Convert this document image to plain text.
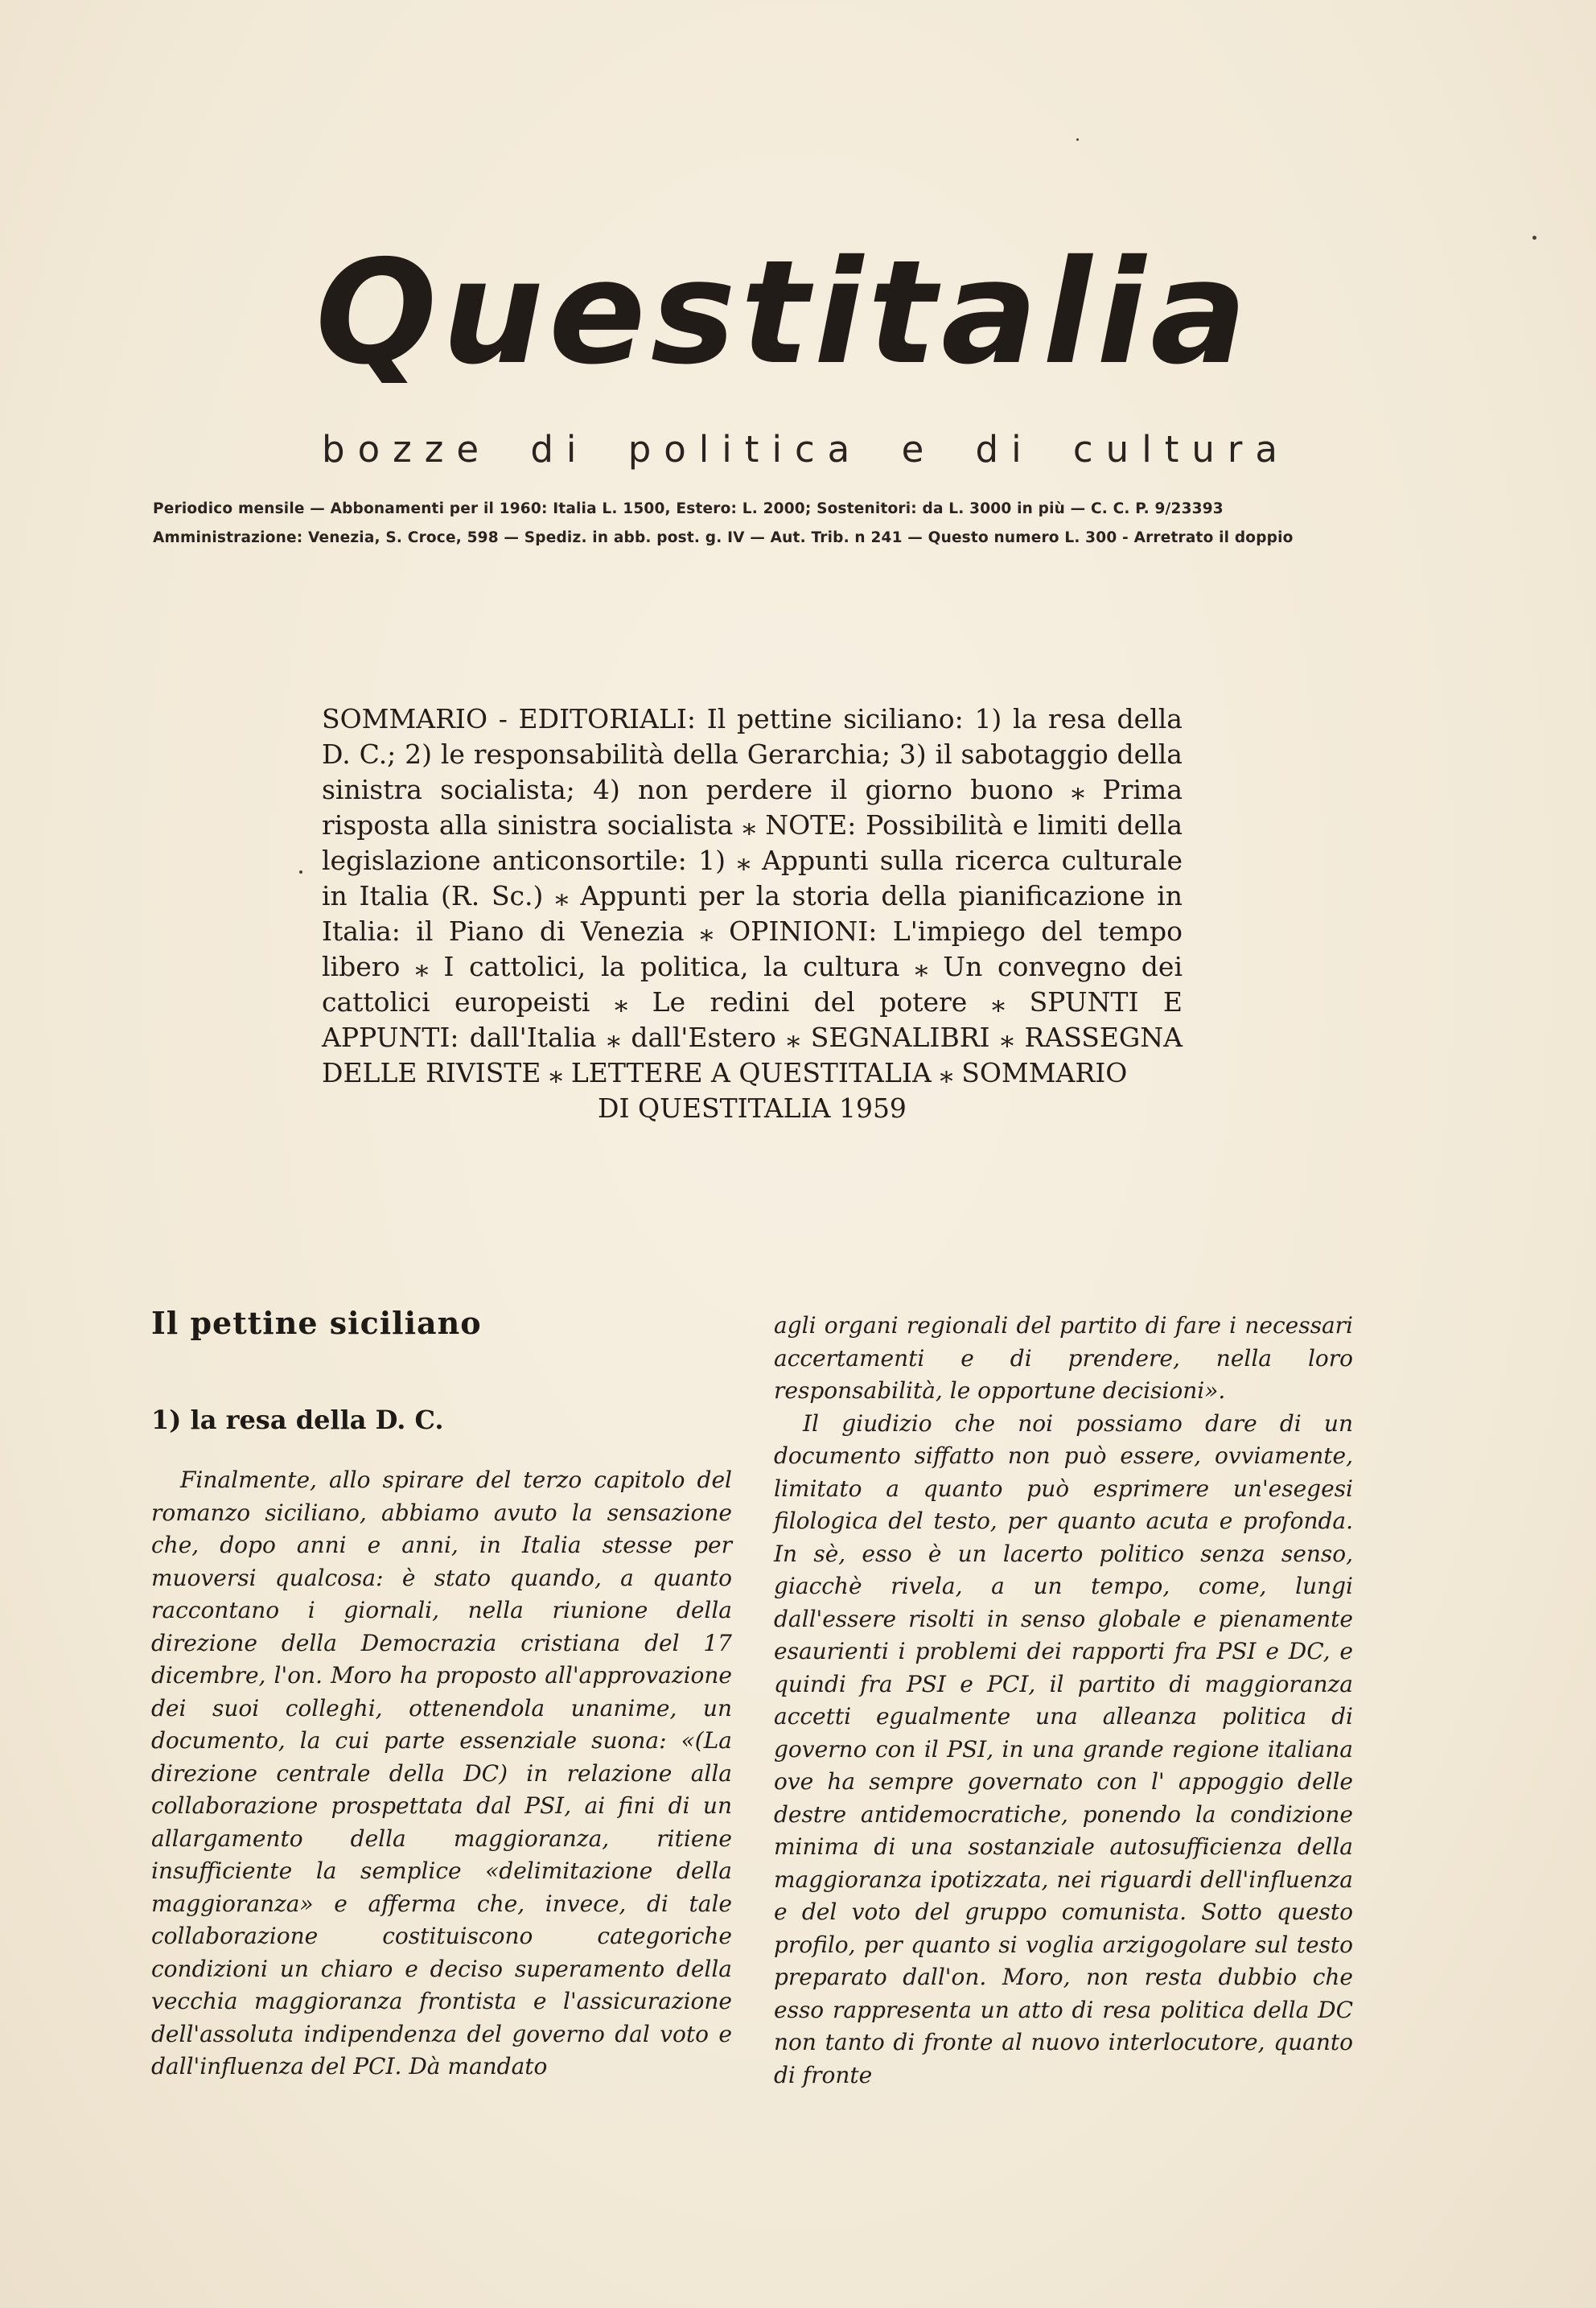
Questitalia
bozze di politica e di cultura
Periodico mensile — Abbonamenti per il 1960: Italia L. 1500, Estero: L. 2000; Sostenitori: da L. 3000 in più — C. C. P. 9/23393
Amministrazione: Venezia, S. Croce, 598 — Spediz. in abb. post. g. IV — Aut. Trib. n 241 — Questo numero L. 300 - Arretrato il doppio
SOMMARIO - EDITORIALI: Il pettine siciliano: 1) la resa della D. C.; 2) le responsabilità della Gerarchia; 3) il sabotaggio della sinistra socialista; 4) non perdere il giorno buono ⁎ Prima risposta alla sinistra socialista ⁎ NOTE: Possibilità e limiti della legislazione anticonsortile: 1) ⁎ Appunti sulla ricerca culturale in Italia (R. Sc.) ⁎ Appunti per la storia della pianificazione in Italia: il Piano di Venezia ⁎ OPINIONI: L'impiego del tempo libero ⁎ I cattolici, la politica, la cultura ⁎ Un convegno dei cattolici europeisti ⁎ Le redini del potere ⁎ SPUNTI E APPUNTI: dall'Italia ⁎ dall'Estero ⁎ SEGNALIBRI ⁎ RASSEGNA DELLE RIVISTE ⁎ LETTERE A QUESTITALIA ⁎ SOMMARIO
DI QUESTITALIA 1959
Il pettine siciliano
1) la resa della D. C.
Finalmente, allo spirare del terzo capitolo del romanzo siciliano, abbiamo avuto la sensazione che, dopo anni e anni, in Italia stesse per muoversi qualcosa: è stato quando, a quanto raccontano i giornali, nella riunione della direzione della Democrazia cristiana del 17 dicembre, l'on. Moro ha proposto all'approvazione dei suoi colleghi, ottenendola unanime, un documento, la cui parte essenziale suona: «(La direzione centrale della DC) in relazione alla collaborazione prospettata dal PSI, ai fini di un allargamento della maggioranza, ritiene insufficiente la semplice «delimitazione della maggioranza» e afferma che, invece, di tale collaborazione costituiscono categoriche condizioni un chiaro e deciso superamento della vecchia maggioranza frontista e l'assicurazione dell'assoluta indipendenza del governo dal voto e dall'influenza del PCI. Dà mandato

agli organi regionali del partito di fare i necessari accertamenti e di prendere, nella loro responsabilità, le opportune decisioni».

Il giudizio che noi possiamo dare di un documento siffatto non può essere, ovviamente, limitato a quanto può esprimere un'esegesi filologica del testo, per quanto acuta e profonda. In sè, esso è un lacerto politico senza senso, giacchè rivela, a un tempo, come, lungi dall'essere risolti in senso globale e pienamente esaurienti i problemi dei rapporti fra PSI e DC, e quindi fra PSI e PCI, il partito di maggioranza accetti egualmente una alleanza politica di governo con il PSI, in una grande regione italiana ove ha sempre governato con l' appoggio delle destre antidemocratiche, ponendo la condizione minima di una sostanziale autosufficienza della maggioranza ipotizzata, nei riguardi dell'influenza e del voto del gruppo comunista. Sotto questo profilo, per quanto si voglia arzigogolare sul testo preparato dall'on. Moro, non resta dubbio che esso rappresenta un atto di resa politica della DC non tanto di fronte al nuovo interlocutore, quanto di fronte
